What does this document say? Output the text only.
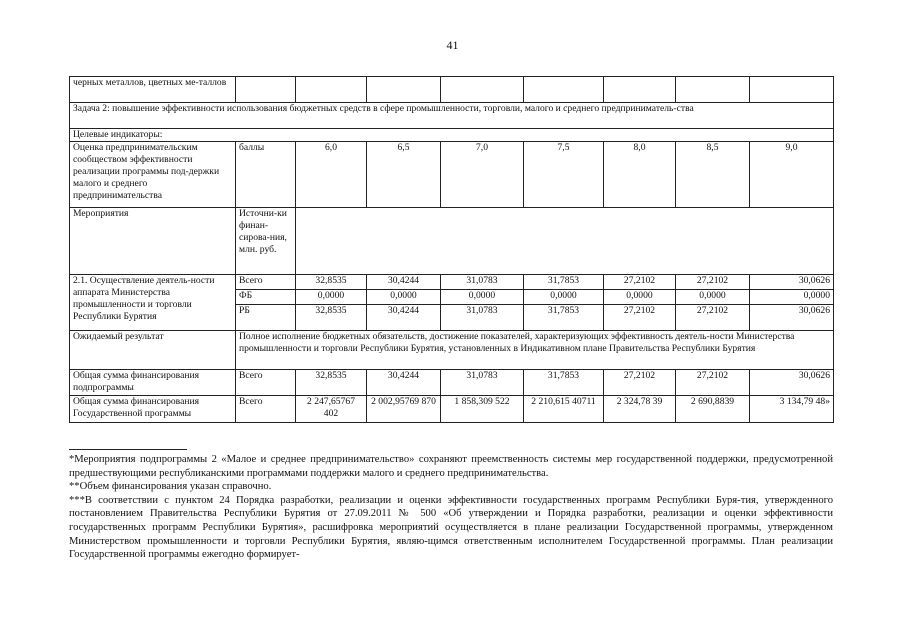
41
черных металлов, цветных ме-таллов								
Задача 2: повышение эффективности использования бюджетных средств в сфере промышленности, торговли, малого и среднего предприниматель-ства								
Целевые индикаторы:								
Оценка предпринимательским сообществом эффективности реализации программы под-держки малого и среднего предпринимательства	баллы	6,0	6,5	7,0	7,5	8,0	8,5	9,0
Мероприятия	Источни-ки финан-сирова-ния, млн. руб.							
2.1. Осуществление деятель-ности аппарата Министерства промышленности и торговли Республики Бурятия	Всего	32,8535	30,4244	31,0783	31,7853	27,2102	27,2102	30,0626
	ФБ	0,0000	0,0000	0,0000	0,0000	0,0000	0,0000	0,0000
	РБ	32,8535	30,4244	31,0783	31,7853	27,2102	27,2102	30,0626
Ожидаемый результат	Полное исполнение бюджетных обязательств, достижение показателей, характеризующих эффективность деятель-ности Министерства промышленности и торговли Республики Бурятия, установленных в Индикативном плане Правительства Республики Бурятия							
Общая сумма финансирования подпрограммы	Всего	32,8535	30,4244	31,0783	31,7853	27,2102	27,2102	30,0626
Общая сумма финансирования Государственной программы	Всего	2 247,65767 402	2 002,95769 870	1 858,309 522	2 210,615 40711	2 324,78 39	2 690,8839	3 134,79 48»

*Мероприятия подпрограммы 2 «Малое и среднее предпринимательство» сохраняют преемственность системы мер государственной поддержки, предусмотренной предшествующими республиканскими программами поддержки малого и среднего предпринимательства.

**Объем финансирования указан справочно.

***В соответствии с пунктом 24 Порядка разработки, реализации и оценки эффективности государственных программ Республики Буря-тия, утвержденного постановлением Правительства Республики Бурятия от 27.09.2011 № 500 «Об утверждении и Порядка разработки, реализации и оценки эффективности государственных программ Республики Бурятия», расшифровка мероприятий осуществляется в плане реализации Государственной программы, утвержденном Министерством промышленности и торговли Республики Бурятия, являю-щимся ответственным исполнителем Государственной программы. План реализации Государственной программы ежегодно формирует-
